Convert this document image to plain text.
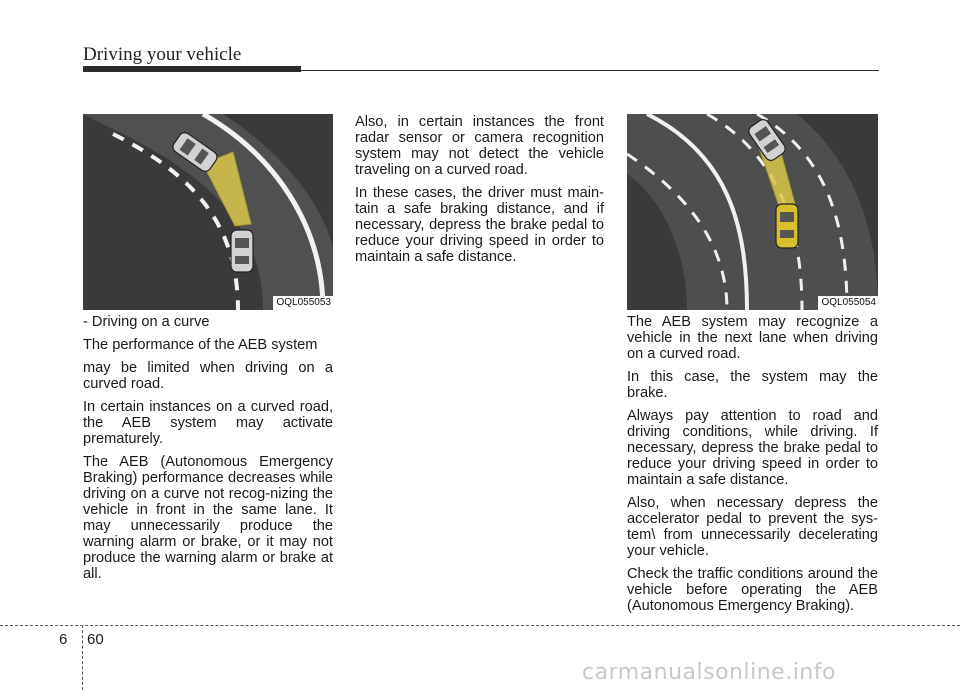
Driving your vehicle
OQL055053	OQL055054

- Driving on a curve

The performance of the AEB system

may be limited when driving on a curved road.

In certain instances on a curved road, the AEB system may activate prematurely.

The AEB (Autonomous Emergency Braking) performance decreases while driving on a curve not recog-nizing the vehicle in front in the same lane. It may unnecessarily produce the warning alarm or brake, or it may not produce the warning alarm or brake at all.

Also, in certain instances the front radar sensor or camera recognition system may not detect the vehicle traveling on a curved road.

In these cases, the driver must main-tain a safe braking distance, and if necessary, depress the brake pedal to reduce your driving speed in order to maintain a safe distance.

The AEB system may recognize a vehicle in the next lane when driving on a curved road.

In this case, the system may the brake.

Always pay attention to road and driving conditions, while driving. If necessary, depress the brake pedal to reduce your driving speed in order to maintain a safe distance.

Also, when necessary depress the accelerator pedal to prevent the sys-tem\ from unnecessarily decelerating your vehicle.

Check the traffic conditions around the vehicle before operating the AEB (Autonomous Emergency Braking).

6 60
carmanualsonline.info
